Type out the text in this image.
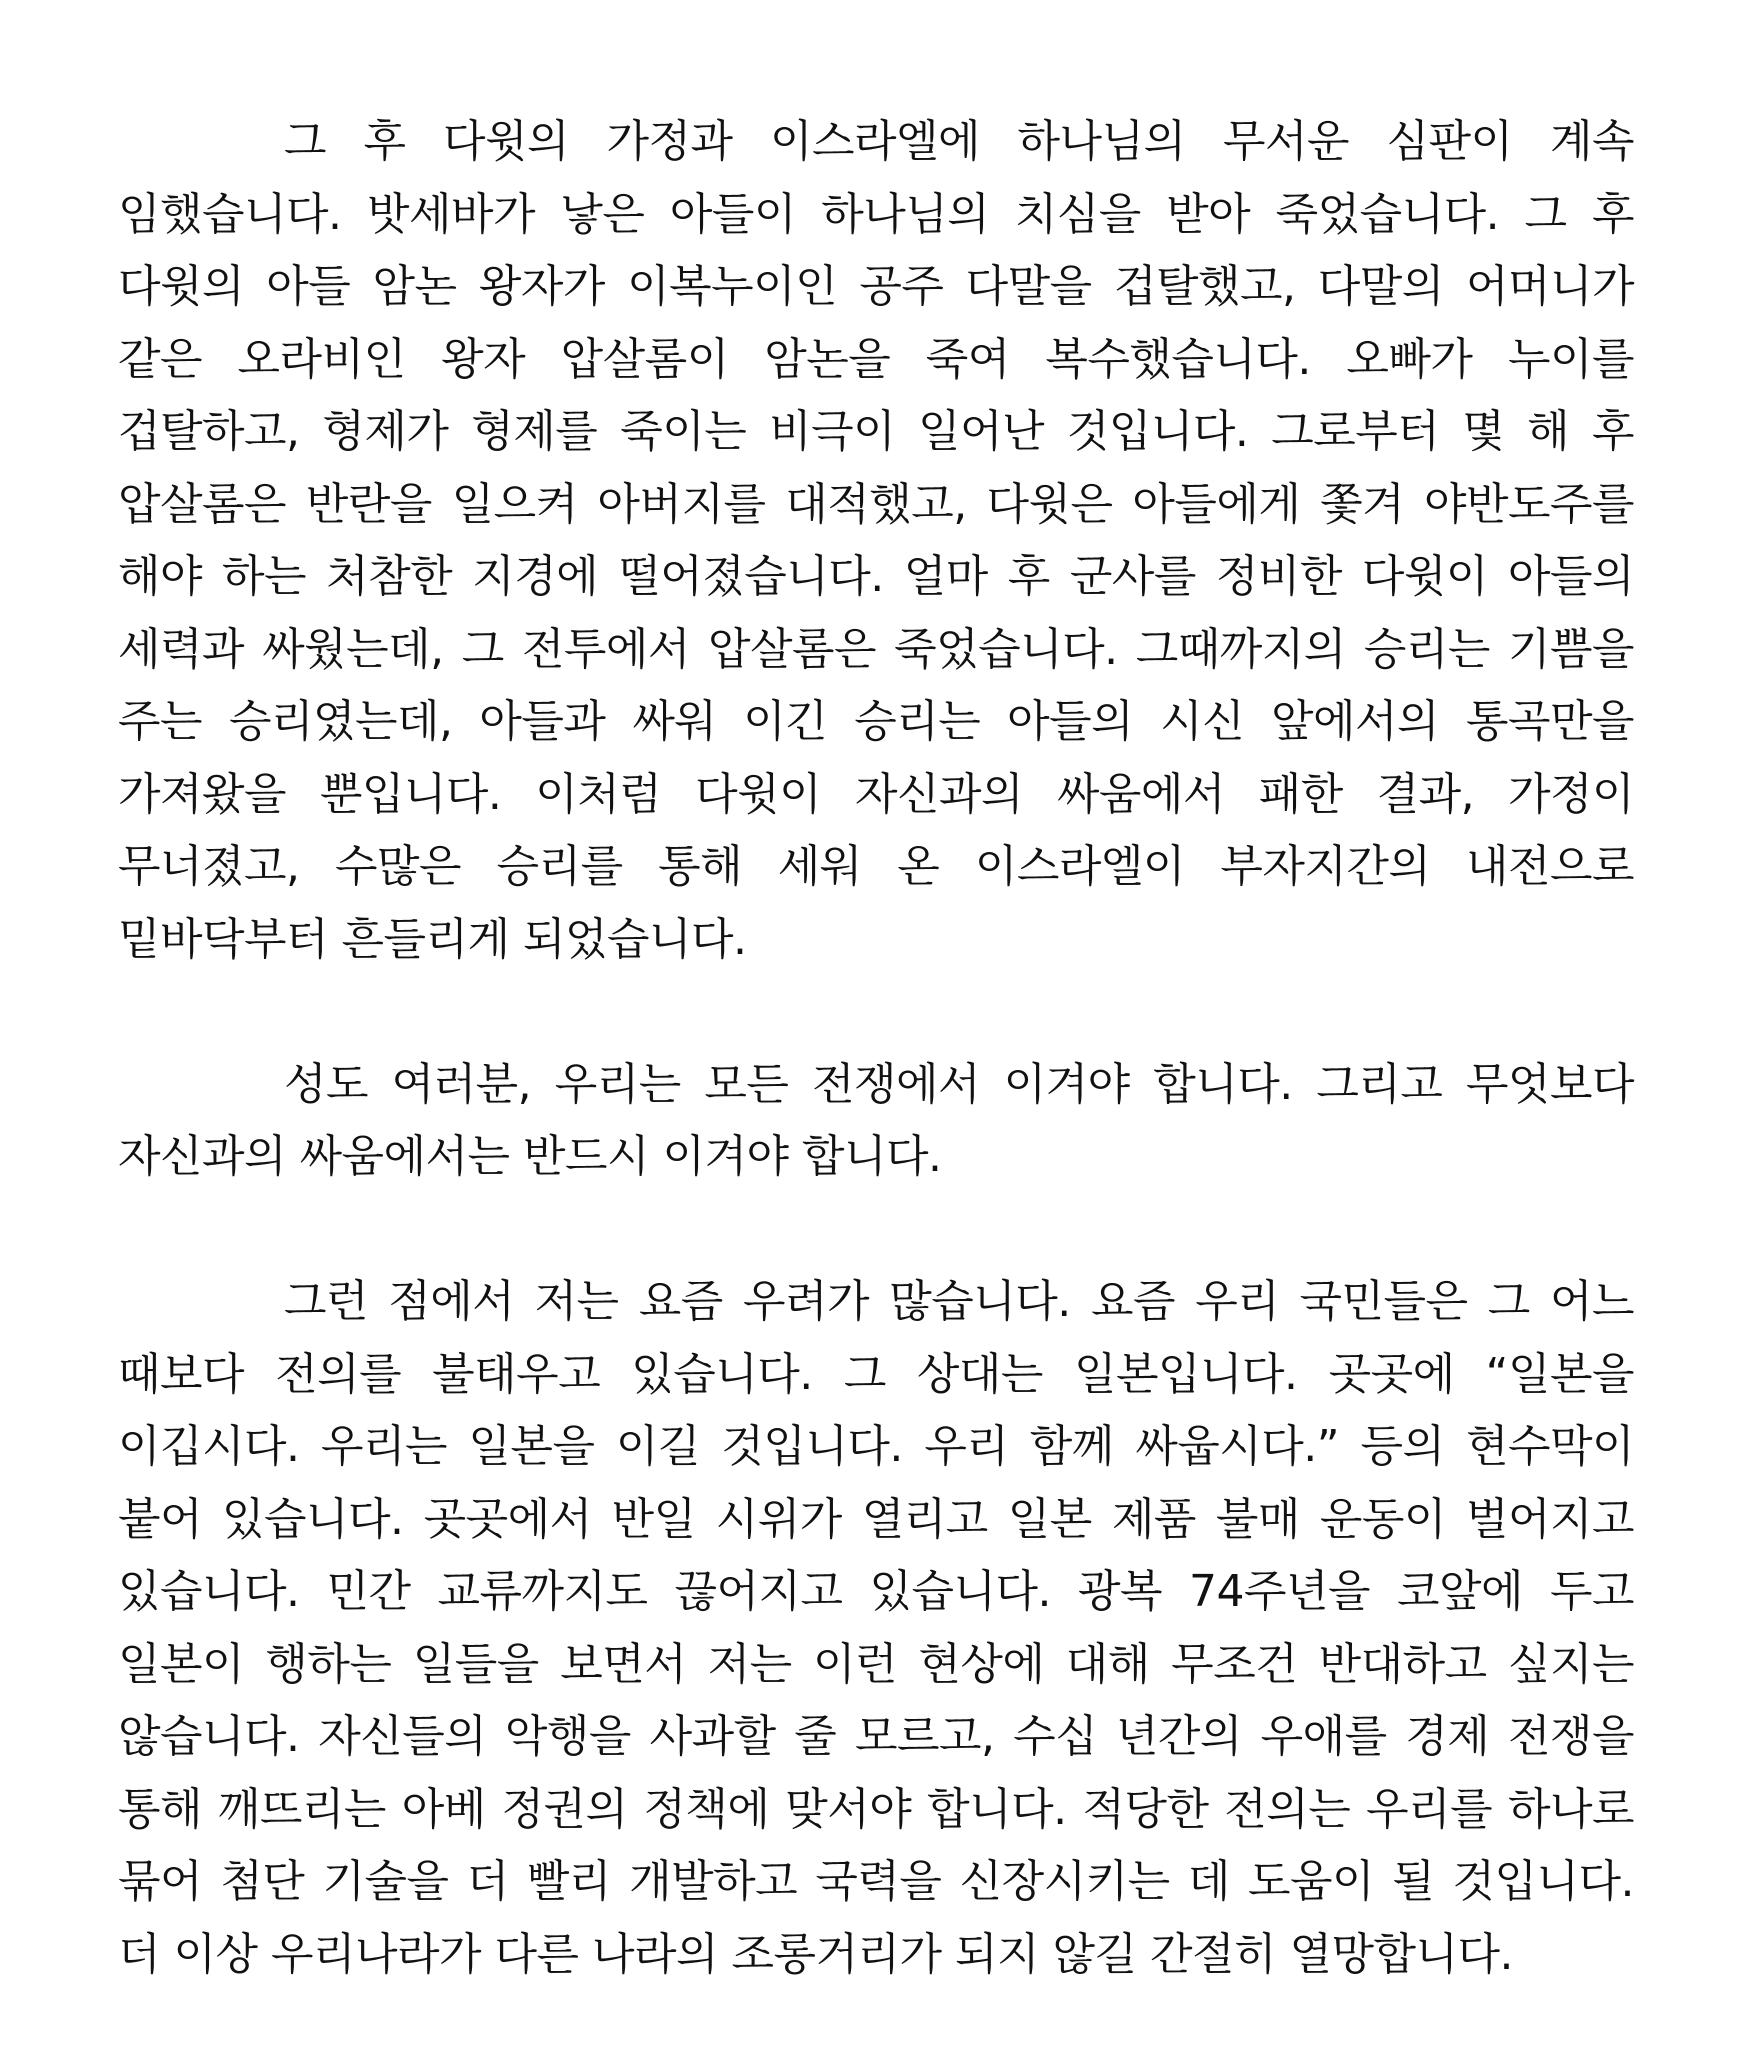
그 후 다윗의 가정과 이스라엘에 하나님의 무서운 심판이 계속 임했습니다. 밧세바가 낳은 아들이 하나님의 치심을 받아 죽었습니다. 그 후 다윗의 아들 암논 왕자가 이복누이인 공주 다말을 겁탈했고, 다말의 어머니가 같은 오라비인 왕자 압살롬이 암논을 죽여 복수했습니다. 오빠가 누이를 겁탈하고, 형제가 형제를 죽이는 비극이 일어난 것입니다. 그로부터 몇 해 후 압살롬은 반란을 일으켜 아버지를 대적했고, 다윗은 아들에게 쫓겨 야반도주를 해야 하는 처참한 지경에 떨어졌습니다. 얼마 후 군사를 정비한 다윗이 아들의 세력과 싸웠는데, 그 전투에서 압살롬은 죽었습니다. 그때까지의 승리는 기쁨을 주는 승리였는데, 아들과 싸워 이긴 승리는 아들의 시신 앞에서의 통곡만을 가져왔을 뿐입니다. 이처럼 다윗이 자신과의 싸움에서 패한 결과, 가정이 무너졌고, 수많은 승리를 통해 세워 온 이스라엘이 부자지간의 내전으로 밑바닥부터 흔들리게 되었습니다.

성도 여러분, 우리는 모든 전쟁에서 이겨야 합니다. 그리고 무엇보다 자신과의 싸움에서는 반드시 이겨야 합니다.

그런 점에서 저는 요즘 우려가 많습니다. 요즘 우리 국민들은 그 어느 때보다 전의를 불태우고 있습니다. 그 상대는 일본입니다. 곳곳에 “일본을 이깁시다. 우리는 일본을 이길 것입니다. 우리 함께 싸웁시다.” 등의 현수막이 붙어 있습니다. 곳곳에서 반일 시위가 열리고 일본 제품 불매 운동이 벌어지고 있습니다. 민간 교류까지도 끊어지고 있습니다. 광복 74주년을 코앞에 두고 일본이 행하는 일들을 보면서 저는 이런 현상에 대해 무조건 반대하고 싶지는 않습니다. 자신들의 악행을 사과할 줄 모르고, 수십 년간의 우애를 경제 전쟁을 통해 깨뜨리는 아베 정권의 정책에 맞서야 합니다. 적당한 전의는 우리를 하나로 묶어 첨단 기술을 더 빨리 개발하고 국력을 신장시키는 데 도움이 될 것입니다. 더 이상 우리나라가 다른 나라의 조롱거리가 되지 않길 간절히 열망합니다.
